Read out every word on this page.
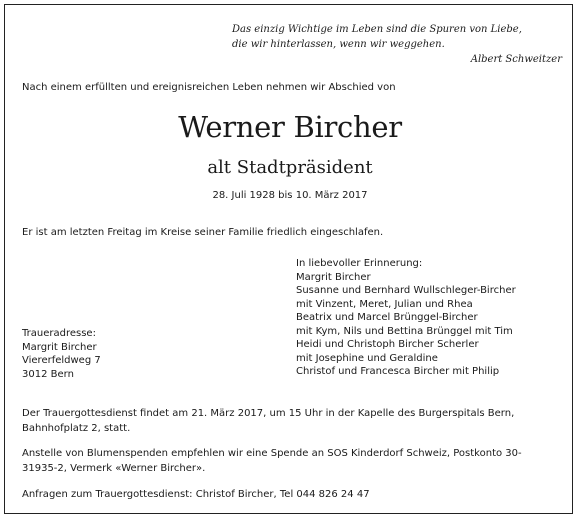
Das einzig Wichtige im Leben sind die Spuren von Liebe,
die wir hinterlassen, wenn wir weggehen.
Albert Schweitzer
Nach einem erfüllten und ereignisreichen Leben nehmen wir Abschied von
Werner Bircher
alt Stadtpräsident
28. Juli 1928 bis 10. März 2017
Er ist am letzten Freitag im Kreise seiner Familie friedlich eingeschlafen.
In liebevoller Erinnerung:
Margrit Bircher
Susanne und Bernhard Wullschleger-Bircher
mit Vinzent, Meret, Julian und Rhea
Beatrix und Marcel Brünggel-Bircher
mit Kym, Nils und Bettina Brünggel mit Tim
Heidi und Christoph Bircher Scherler
mit Josephine und Geraldine
Christof und Francesca Bircher mit Philip
Traueradresse:
Margrit Bircher
Viererfeldweg 7
3012 Bern
Der Trauergottesdienst findet am 21. März 2017, um 15 Uhr in der Kapelle des Burgerspitals Bern, Bahnhofplatz 2, statt.
Anstelle von Blumenspenden empfehlen wir eine Spende an SOS Kinderdorf Schweiz, Postkonto 30-31935-2, Vermerk «Werner Bircher».
Anfragen zum Trauergottesdienst: Christof Bircher, Tel 044 826 24 47
